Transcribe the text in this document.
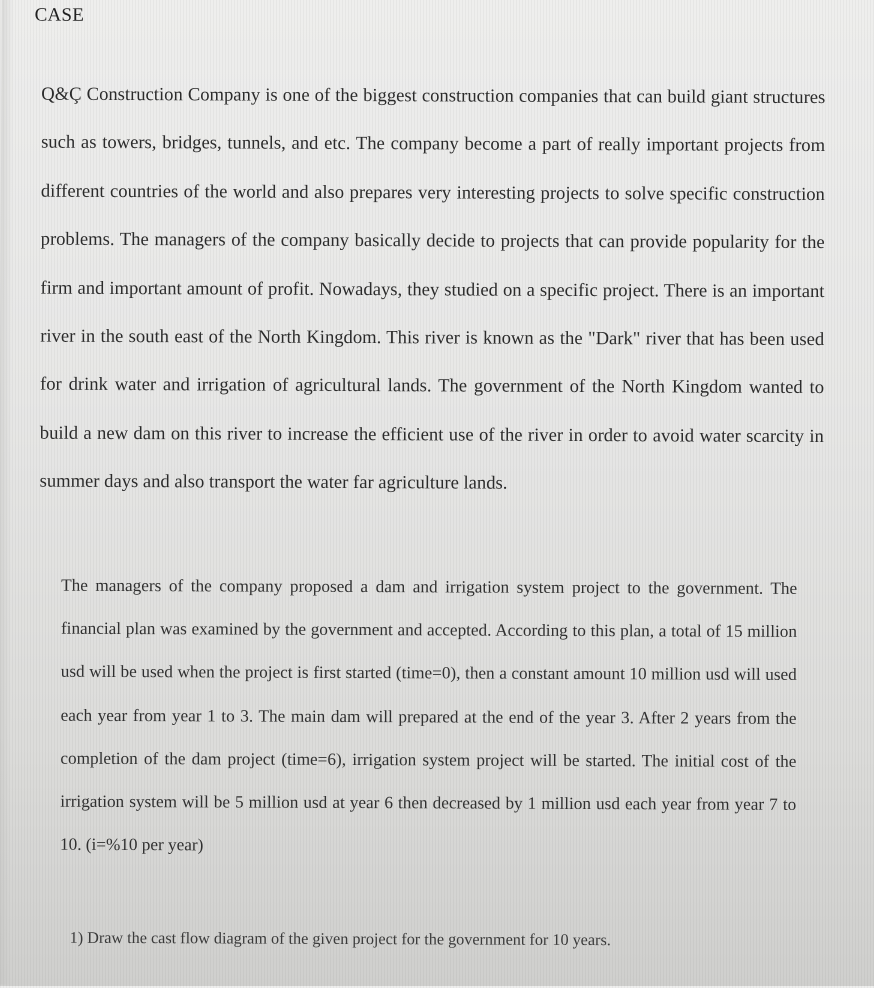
CASE

Q&Ç Construction Company is one of the biggest construction companies that can build giant structures such as towers, bridges, tunnels, and etc. The company become a part of really important projects from different countries of the world and also prepares very interesting projects to solve specific construction problems. The managers of the company basically decide to projects that can provide popularity for the firm and important amount of profit. Nowadays, they studied on a specific project. There is an important river in the south east of the North Kingdom. This river is known as the "Dark" river that has been used for drink water and irrigation of agricultural lands. The government of the North Kingdom wanted to build a new dam on this river to increase the efficient use of the river in order to avoid water scarcity in summer days and also transport the water far agriculture lands.

The managers of the company proposed a dam and irrigation system project to the government. The financial plan was examined by the government and accepted. According to this plan, a total of 15 million usd will be used when the project is first started (time=0), then a constant amount 10 million usd will used each year from year 1 to 3. The main dam will prepared at the end of the year 3. After 2 years from the completion of the dam project (time=6), irrigation system project will be started. The initial cost of the irrigation system will be 5 million usd at year 6 then decreased by 1 million usd each year from year 7 to 10. (i=%10 per year)

1) Draw the cast flow diagram of the given project for the government for 10 years.
